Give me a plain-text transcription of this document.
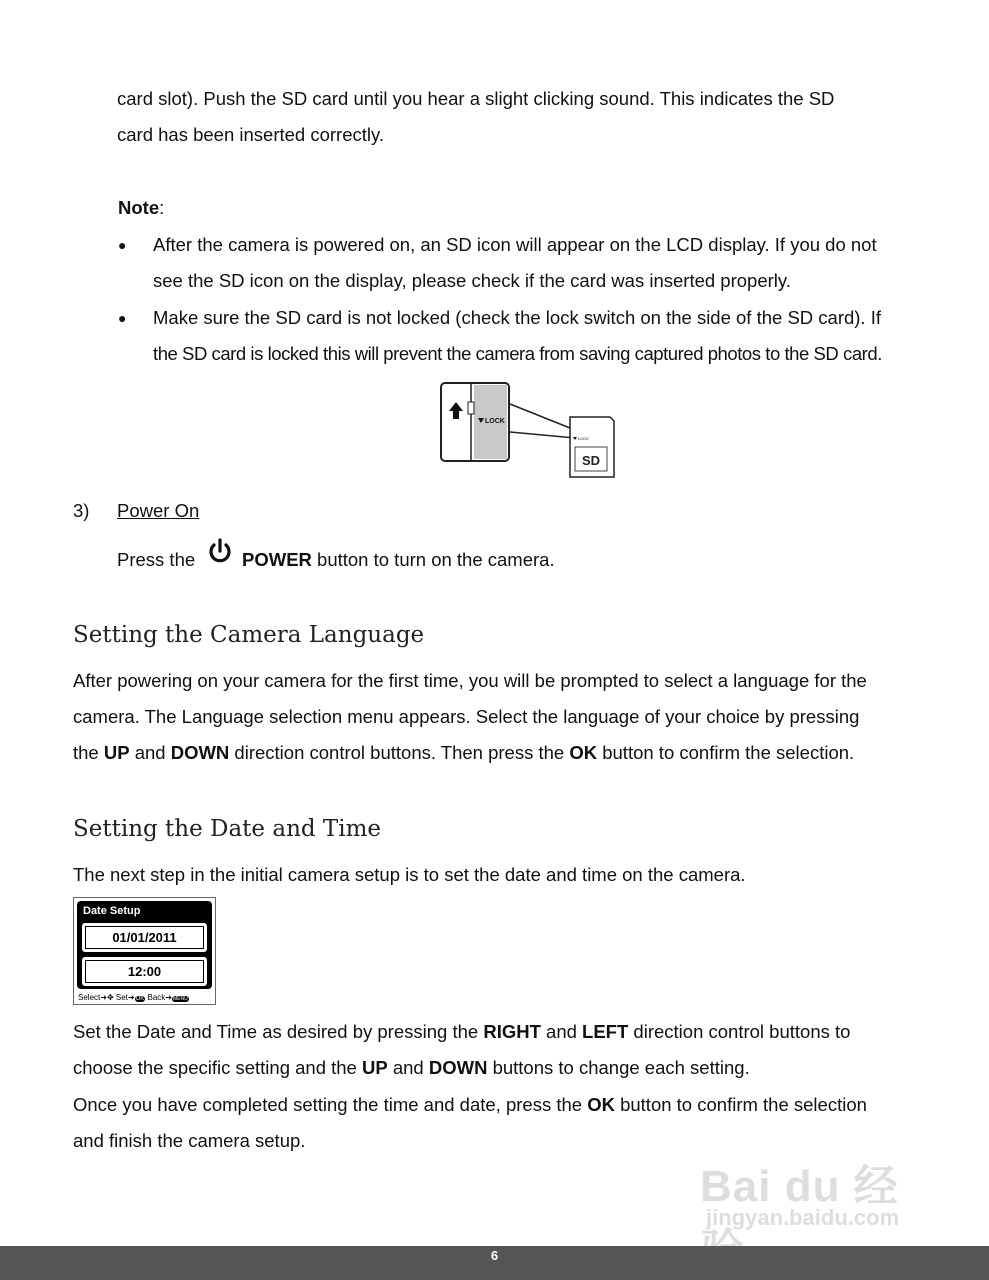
card slot). Push the SD card until you hear a slight clicking sound. This indicates the SD
card has been inserted correctly.
Note:
● After the camera is powered on, an SD icon will appear on the LCD display. If you do not
see the SD icon on the display, please check if the card was inserted properly.
● Make sure the SD card is not locked (check the lock switch on the side of the SD card). If
the SD card is locked this will prevent the camera from saving captured photos to the SD card.
LOCK
LOCK
SD
3) Power On
Press the	POWER button to turn on the camera.
Setting the Camera Language
After powering on your camera for the first time, you will be prompted to select a language for the
camera. The Language selection menu appears. Select the language of your choice by pressing
the UP and DOWN direction control buttons. Then press the OK button to confirm the selection.
Setting the Date and Time
The next step in the initial camera setup is to set the date and time on the camera.
Date Setup
01/01/2011
12:00
Select➜✥ Set➜OK Back➜MENU
Set the Date and Time as desired by pressing the RIGHT and LEFT direction control buttons to
choose the specific setting and the UP and DOWN buttons to change each setting.
Once you have completed setting the time and date, press the OK button to confirm the selection
and finish the camera setup.
Bai du 经
jingyan.baidu.com
6
